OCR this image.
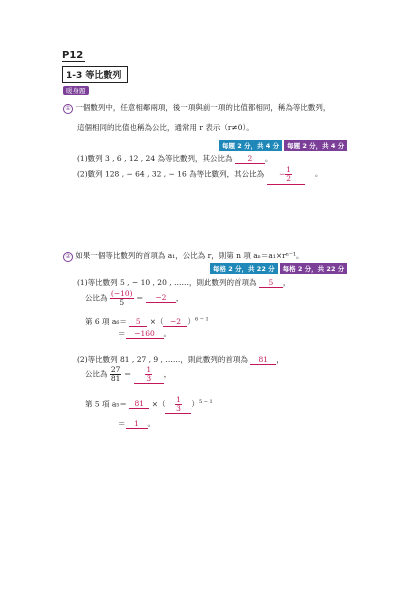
P12
1-3 等比數列
暖身題
① 一個數列中，任意相鄰兩項，後一項與前一項的比值都相同，稱為等比數列，
這個相同的比值也稱為公比，通常用 r 表示（r≠0）。
每題 2 分，共 4 分 每題 2 分，共 4 分
(1)數列 3 , 6 , 12 , 24 為等比數列，其公比為 2 。
(2)數列 128 , − 64 , 32 , − 16 為等比數列，其公比為 − $\frac{1}{2}$	。
② 如果一個等比數列的首項為 a₁，公比為 r，則第 n 項 aₙ＝a₁×rⁿ⁻¹。
每格 2 分，共 22 分 每格 2 分，共 22 分
(1)等比數列 5 , − 10 , 20 , ……，則此數列的首項為 5 ，
公比為 $\frac{(-10)}{5} = -2$ ，
第 6 項 a₆＝ 5 ×（ −2 ）$^{6 - 1}$
＝ −160 。
(2)等比數列 81 , 27 , 9 , ……，則此數列的首項為 81 ，
公比為 $\frac{27}{81} = \frac{1}{3}$ ，
第 5 項 a₅＝ 81 ×（ $\frac{1}{3} )^{5 - 1}$
＝ 1 。
